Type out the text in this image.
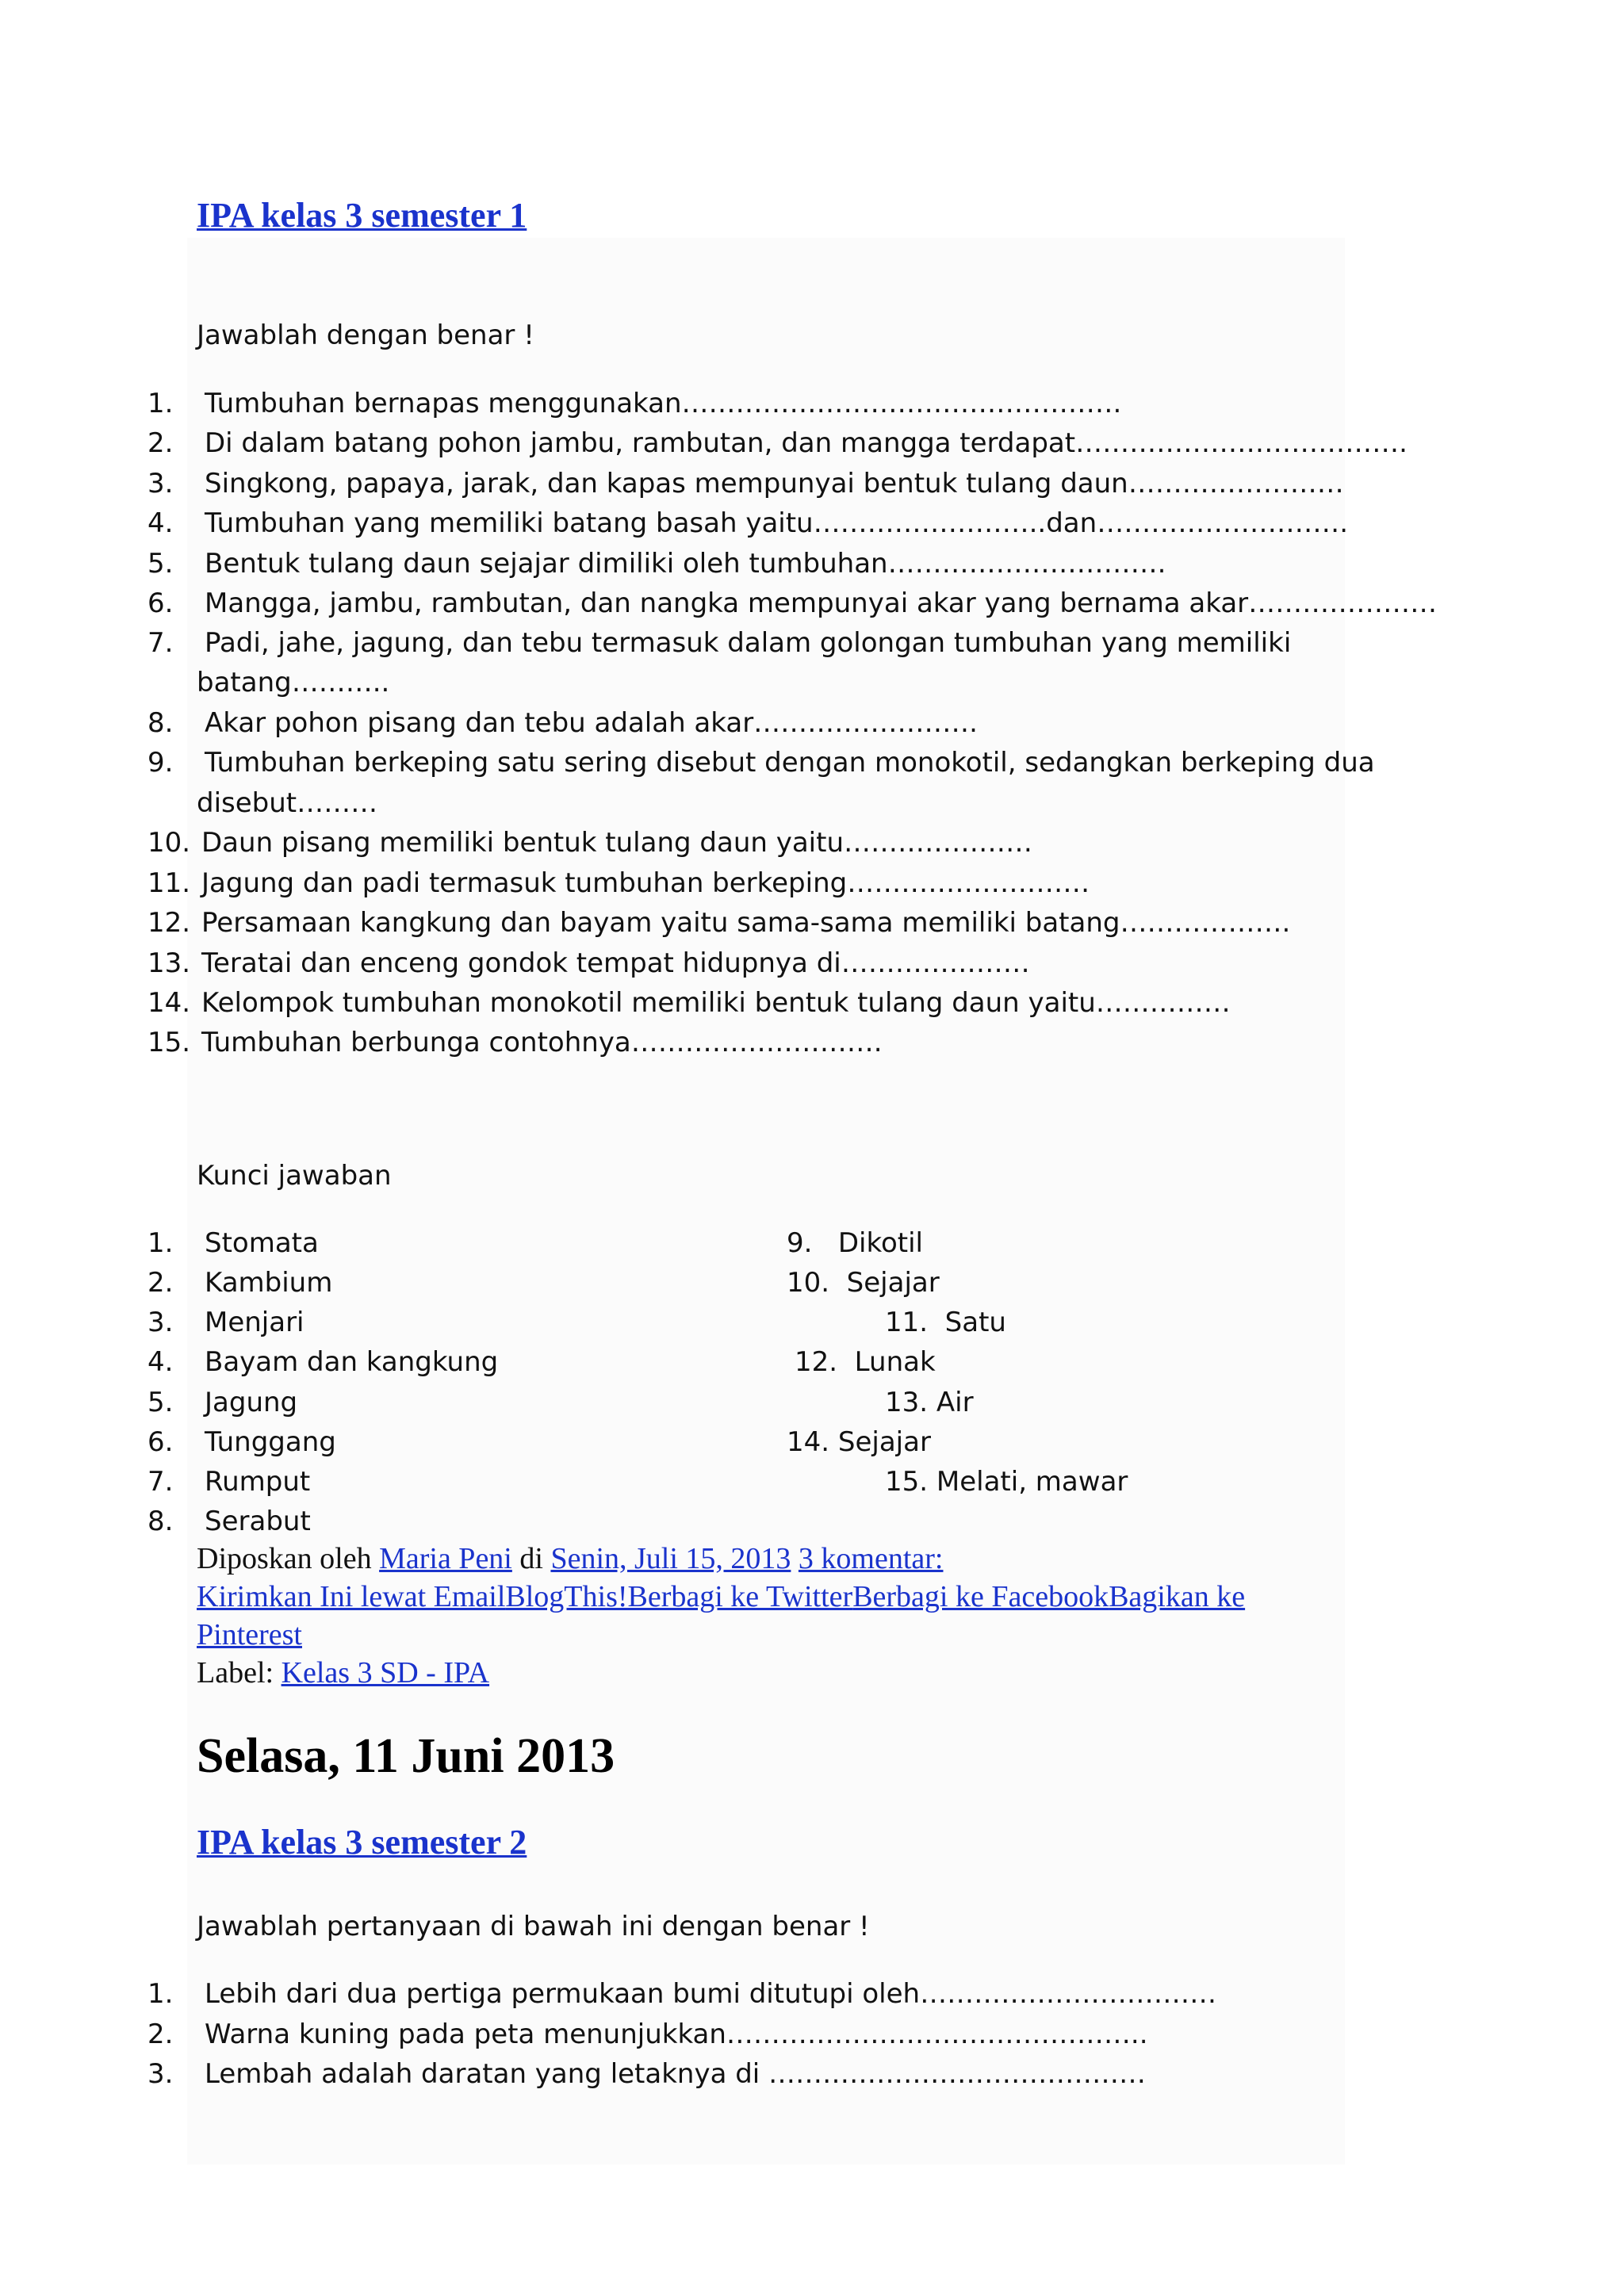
IPA kelas 3 semester 1
Jawablah dengan benar !
1. Tumbuhan bernapas menggunakan………………………………………….
2. Di dalam batang pohon jambu, rambutan, dan mangga terdapat……………………………….
3. Singkong, papaya, jarak, dan kapas mempunyai bentuk tulang daun……………………
4. Tumbuhan yang memiliki batang basah yaitu……………………..dan……………………….
5. Bentuk tulang daun sejajar dimiliki oleh tumbuhan………………………….
6. Mangga, jambu, rambutan, dan nangka mempunyai akar yang bernama akar…………………
7. Padi, jahe, jagung, dan tebu termasuk dalam golongan tumbuhan yang memiliki
batang………..
8. Akar pohon pisang dan tebu adalah akar…………………….
9. Tumbuhan berkeping satu sering disebut dengan monokotil, sedangkan berkeping dua
disebut………
10. Daun pisang memiliki bentuk tulang daun yaitu…………………
11. Jagung dan padi termasuk tumbuhan berkeping………………………
12. Persamaan kangkung dan bayam yaitu sama-sama memiliki batang……………….
13. Teratai dan enceng gondok tempat hidupnya di…………………
14. Kelompok tumbuhan monokotil memiliki bentuk tulang daun yaitu……………
15. Tumbuhan berbunga contohnya……………………….
Kunci jawaban
1. Stomata
2. Kambium
3. Menjari
4. Bayam dan kangkung
5. Jagung
6. Tunggang
7. Rumput
8. Serabut
9.   Dikotil
10.  Sejajar
11.  Satu
12.  Lunak
13. Air
14. Sejajar
15. Melati, mawar
Diposkan oleh Maria Peni di Senin, Juli 15, 2013 3 komentar:
Kirimkan Ini lewat EmailBlogThis!Berbagi ke TwitterBerbagi ke FacebookBagikan ke
Pinterest
Label: Kelas 3 SD - IPA
Selasa, 11 Juni 2013
IPA kelas 3 semester 2
Jawablah pertanyaan di bawah ini dengan benar !
1. Lebih dari dua pertiga permukaan bumi ditutupi oleh……………………………
2. Warna kuning pada peta menunjukkan………………………………………..
3. Lembah adalah daratan yang letaknya di ……………………………………
